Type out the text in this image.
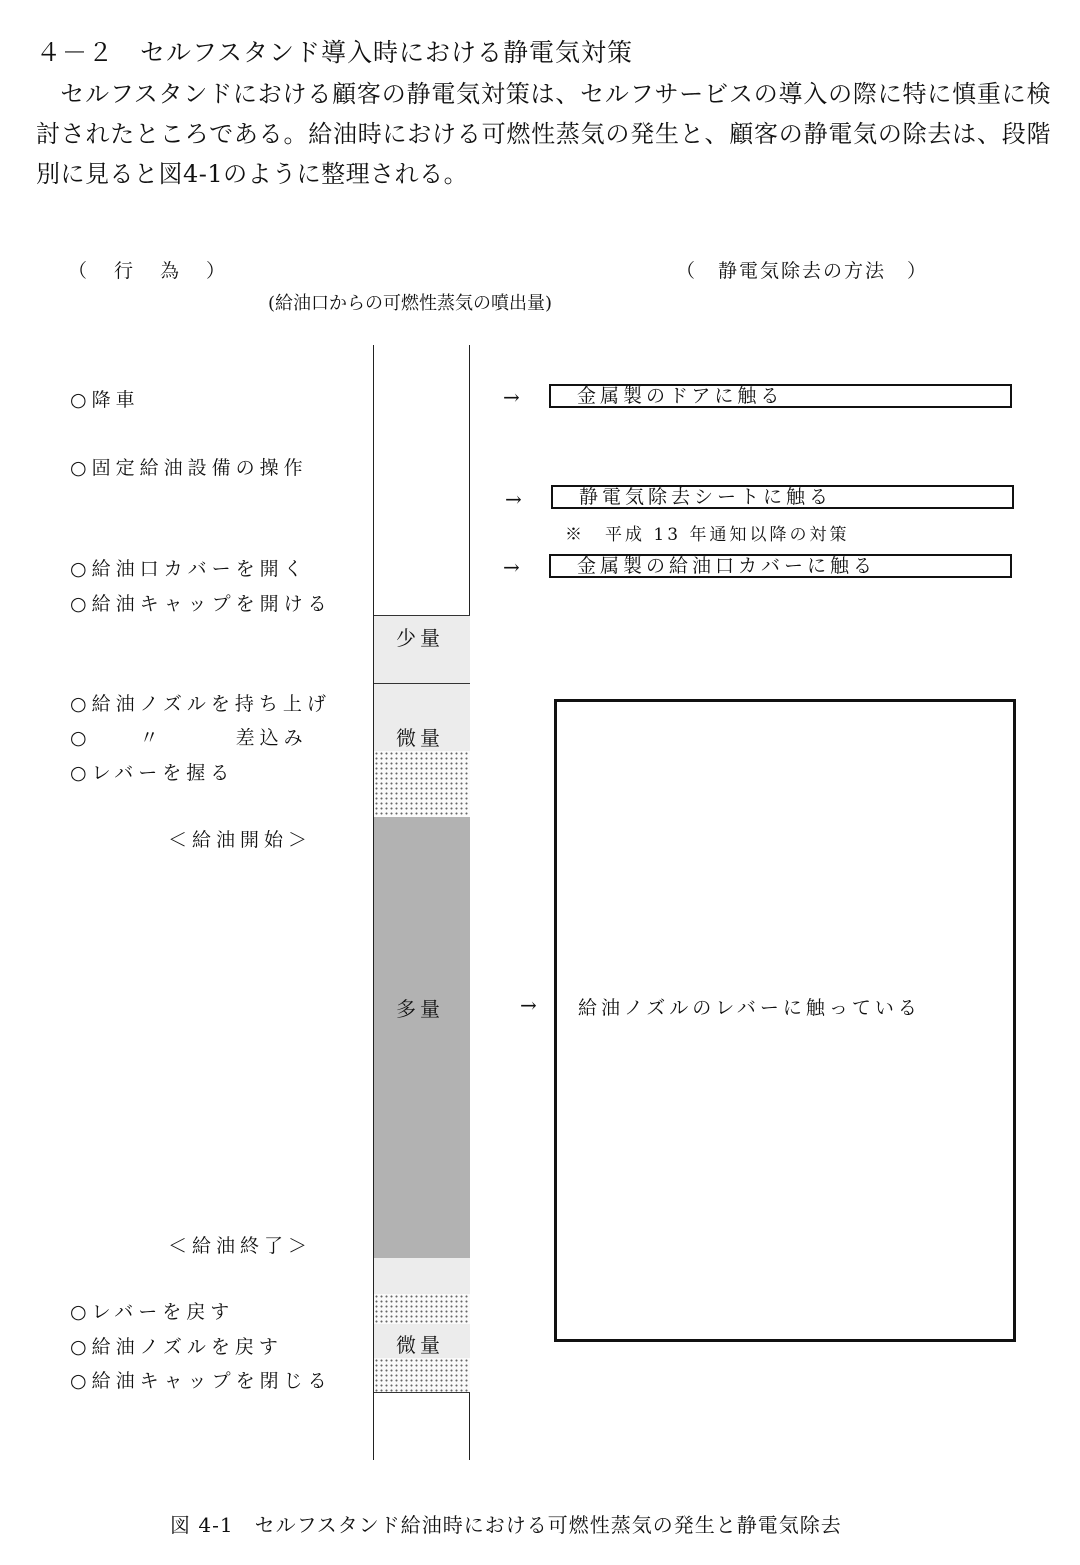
４－２　セルフスタンド導入時における静電気対策
セルフスタンドにおける顧客の静電気対策は、セルフサービスの導入の際に特に慎重に検討されたところである。給油時における可燃性蒸気の発生と、顧客の静電気の除去は、段階別に見ると図4-1のように整理される。
（　行　為　）
(給油口からの可燃性蒸気の噴出量)
（　静電気除去の方法　）
少量
微量
多量
微量
○降車
○固定給油設備の操作
○給油口カバーを開く
○給油キャップを開ける
○給油ノズルを持ち上げ
○　　〃　　　差込み
○レバーを握る
＜給油開始＞
＜給油終了＞
○レバーを戻す
○給油ノズルを戻す
○給油キャップを閉じる
→	金属製のドアに触る
→	静電気除去シートに触る
※　平成 13 年通知以降の対策
→	金属製の給油口カバーに触る
→ 給油ノズルのレバーに触っている
図 4-1　セルフスタンド給油時における可燃性蒸気の発生と静電気除去
